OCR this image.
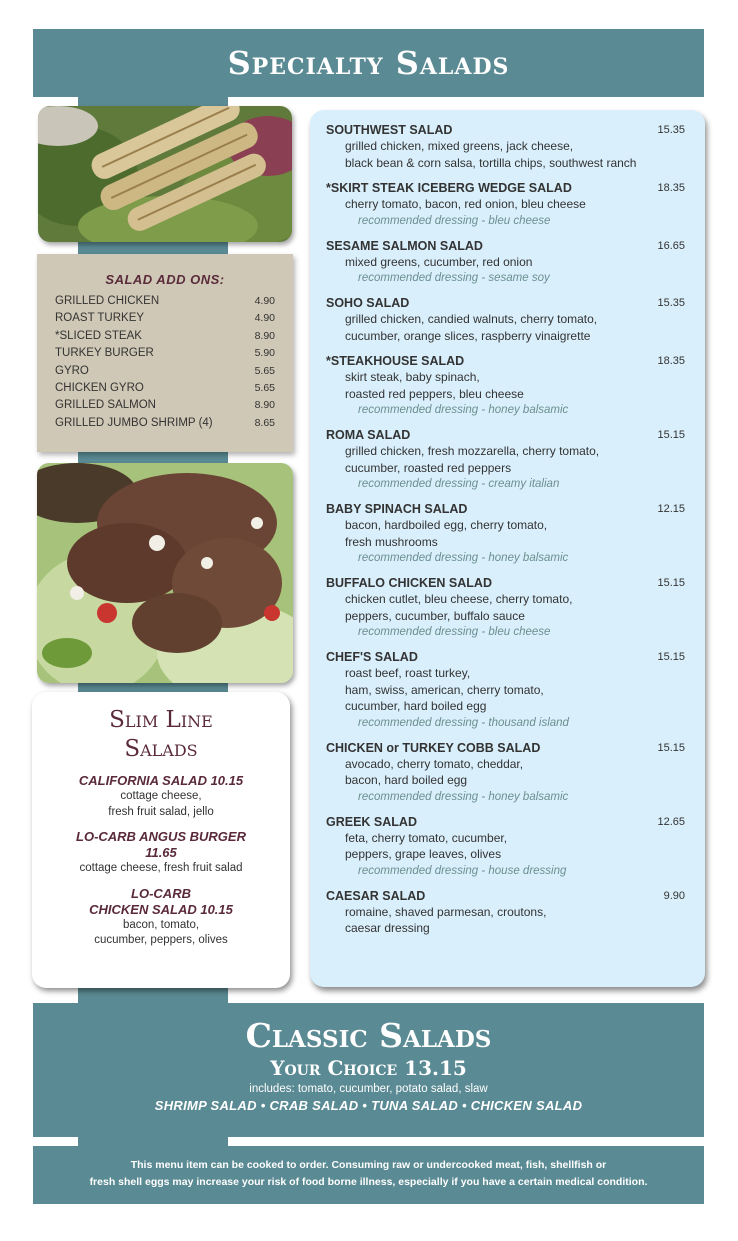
Specialty Salads
SALAD ADD ONS:
GRILLED CHICKEN	4.90
ROAST TURKEY	4.90
*SLICED STEAK	8.90
TURKEY BURGER	5.90
GYRO	5.65
CHICKEN GYRO	5.65
GRILLED SALMON	8.90
GRILLED JUMBO SHRIMP (4)	8.65
Slim Line
Salads
CALIFORNIA SALAD 10.15
cottage cheese,
fresh fruit salad, jello
LO-CARB ANGUS BURGER
11.65
cottage cheese, fresh fruit salad
LO-CARB
CHICKEN SALAD 10.15
bacon, tomato,
cucumber, peppers, olives
SOUTHWEST SALAD	15.35
grilled chicken, mixed greens, jack cheese,
black bean & corn salsa, tortilla chips, southwest ranch
*SKIRT STEAK ICEBERG WEDGE SALAD	18.35
cherry tomato, bacon, red onion, bleu cheese
recommended dressing - bleu cheese
SESAME SALMON SALAD	16.65
mixed greens, cucumber, red onion
recommended dressing - sesame soy
SOHO SALAD	15.35
grilled chicken, candied walnuts, cherry tomato,
cucumber, orange slices, raspberry vinaigrette
*STEAKHOUSE SALAD	18.35
skirt steak, baby spinach,
roasted red peppers, bleu cheese
recommended dressing - honey balsamic
ROMA SALAD	15.15
grilled chicken, fresh mozzarella, cherry tomato,
cucumber, roasted red peppers
recommended dressing - creamy italian
BABY SPINACH SALAD	12.15
bacon, hardboiled egg, cherry tomato,
fresh mushrooms
recommended dressing - honey balsamic
BUFFALO CHICKEN SALAD	15.15
chicken cutlet, bleu cheese, cherry tomato,
peppers, cucumber, buffalo sauce
recommended dressing - bleu cheese
CHEF'S SALAD	15.15
roast beef, roast turkey,
ham, swiss, american, cherry tomato,
cucumber, hard boiled egg
recommended dressing - thousand island
CHICKEN or TURKEY COBB SALAD	15.15
avocado, cherry tomato, cheddar,
bacon, hard boiled egg
recommended dressing - honey balsamic
GREEK SALAD	12.65
feta, cherry tomato, cucumber,
peppers, grape leaves, olives
recommended dressing - house dressing
CAESAR SALAD	9.90
romaine, shaved parmesan, croutons,
caesar dressing
Classic Salads
Your Choice 13.15
includes: tomato, cucumber, potato salad, slaw
SHRIMP SALAD • CRAB SALAD • TUNA SALAD • CHICKEN SALAD
This menu item can be cooked to order. Consuming raw or undercooked meat, fish, shellfish or
fresh shell eggs may increase your risk of food borne illness, especially if you have a certain medical condition.
